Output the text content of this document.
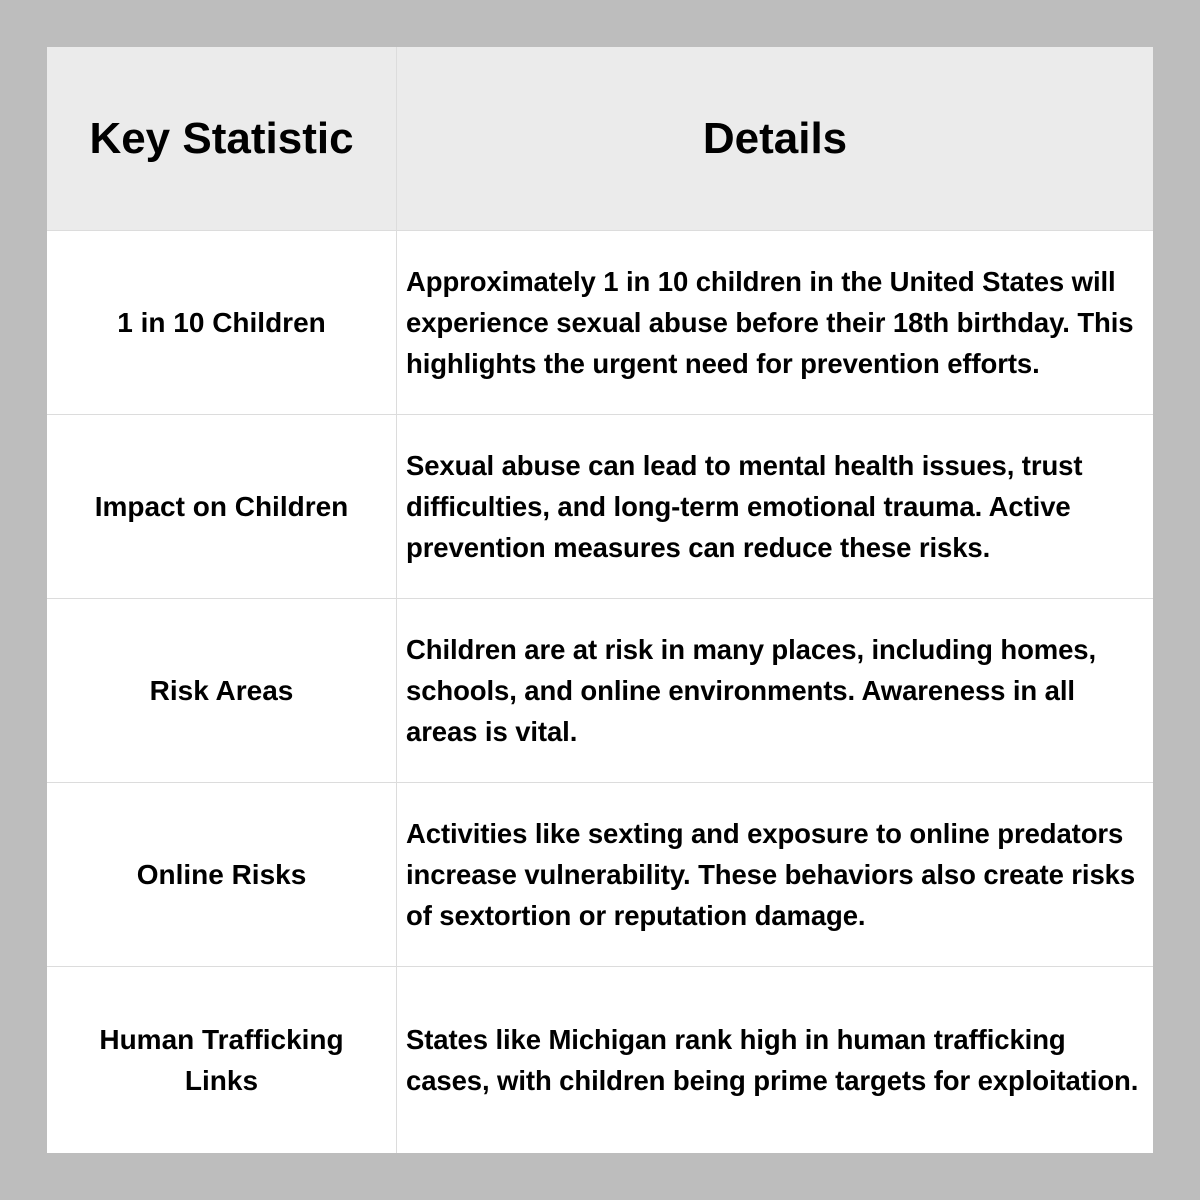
Key Statistic	Details
1 in 10 Children
Approximately 1 in 10 children in the United States will experience sexual abuse before their 18th birthday. This highlights the urgent need for prevention efforts.
Impact on Children
Sexual abuse can lead to mental health issues, trust difficulties, and long-term emotional trauma. Active prevention measures can reduce these risks.
Risk Areas
Children are at risk in many places, including homes, schools, and online environments. Awareness in all areas is vital.
Online Risks
Activities like sexting and exposure to online predators increase vulnerability. These behaviors also create risks of sextortion or reputation damage.
Human Trafficking Links
States like Michigan rank high in human trafficking cases, with children being prime targets for exploitation.
